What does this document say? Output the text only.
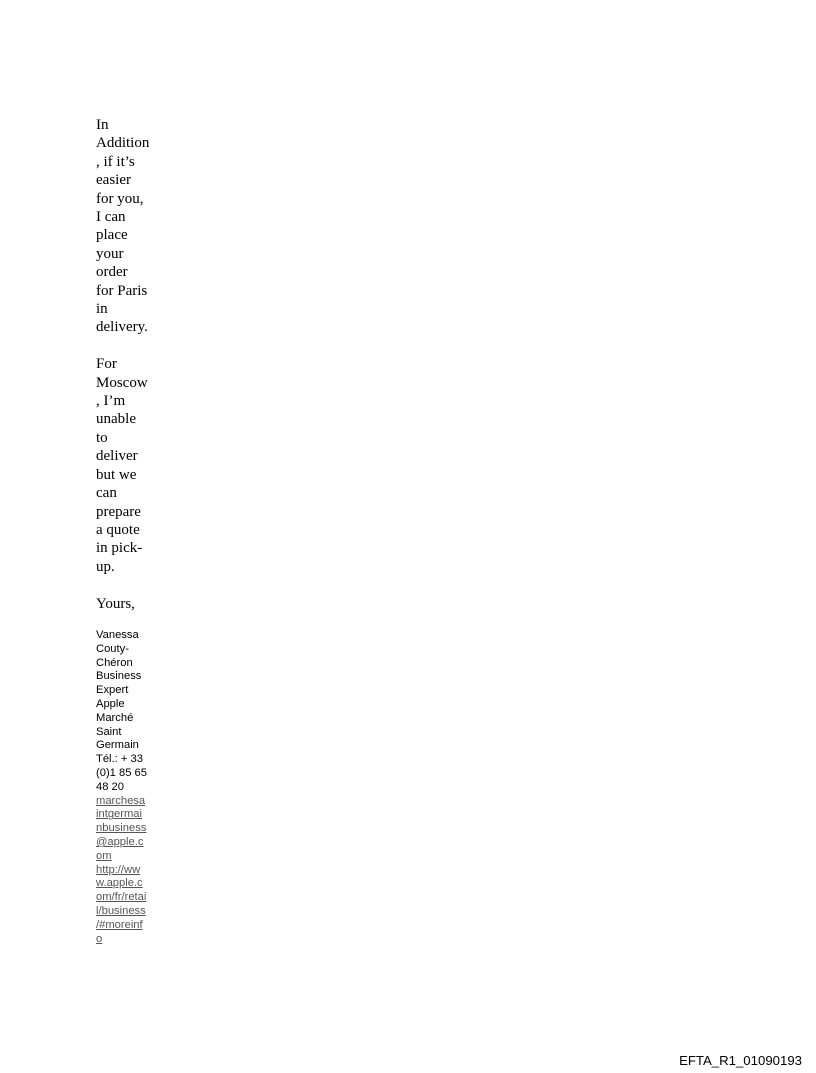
In
Addition
, if it’s
easier
for you,
I can
place
your
order
for Paris
in
delivery.

For
Moscow
, I’m
unable
to
deliver
but we
can
prepare
a quote
in pick-
up.

Yours,

Vanessa
Couty-
Chéron
Business
Expert
Apple
Marché
Saint
Germain
Tél.: + 33
(0)1 85 65
48 20
marchesa
intgermai
nbusiness
@apple.c
om
http://ww
w.apple.c
om/fr/retai
l/business
/#moreinf
o
EFTA_R1_01090193
